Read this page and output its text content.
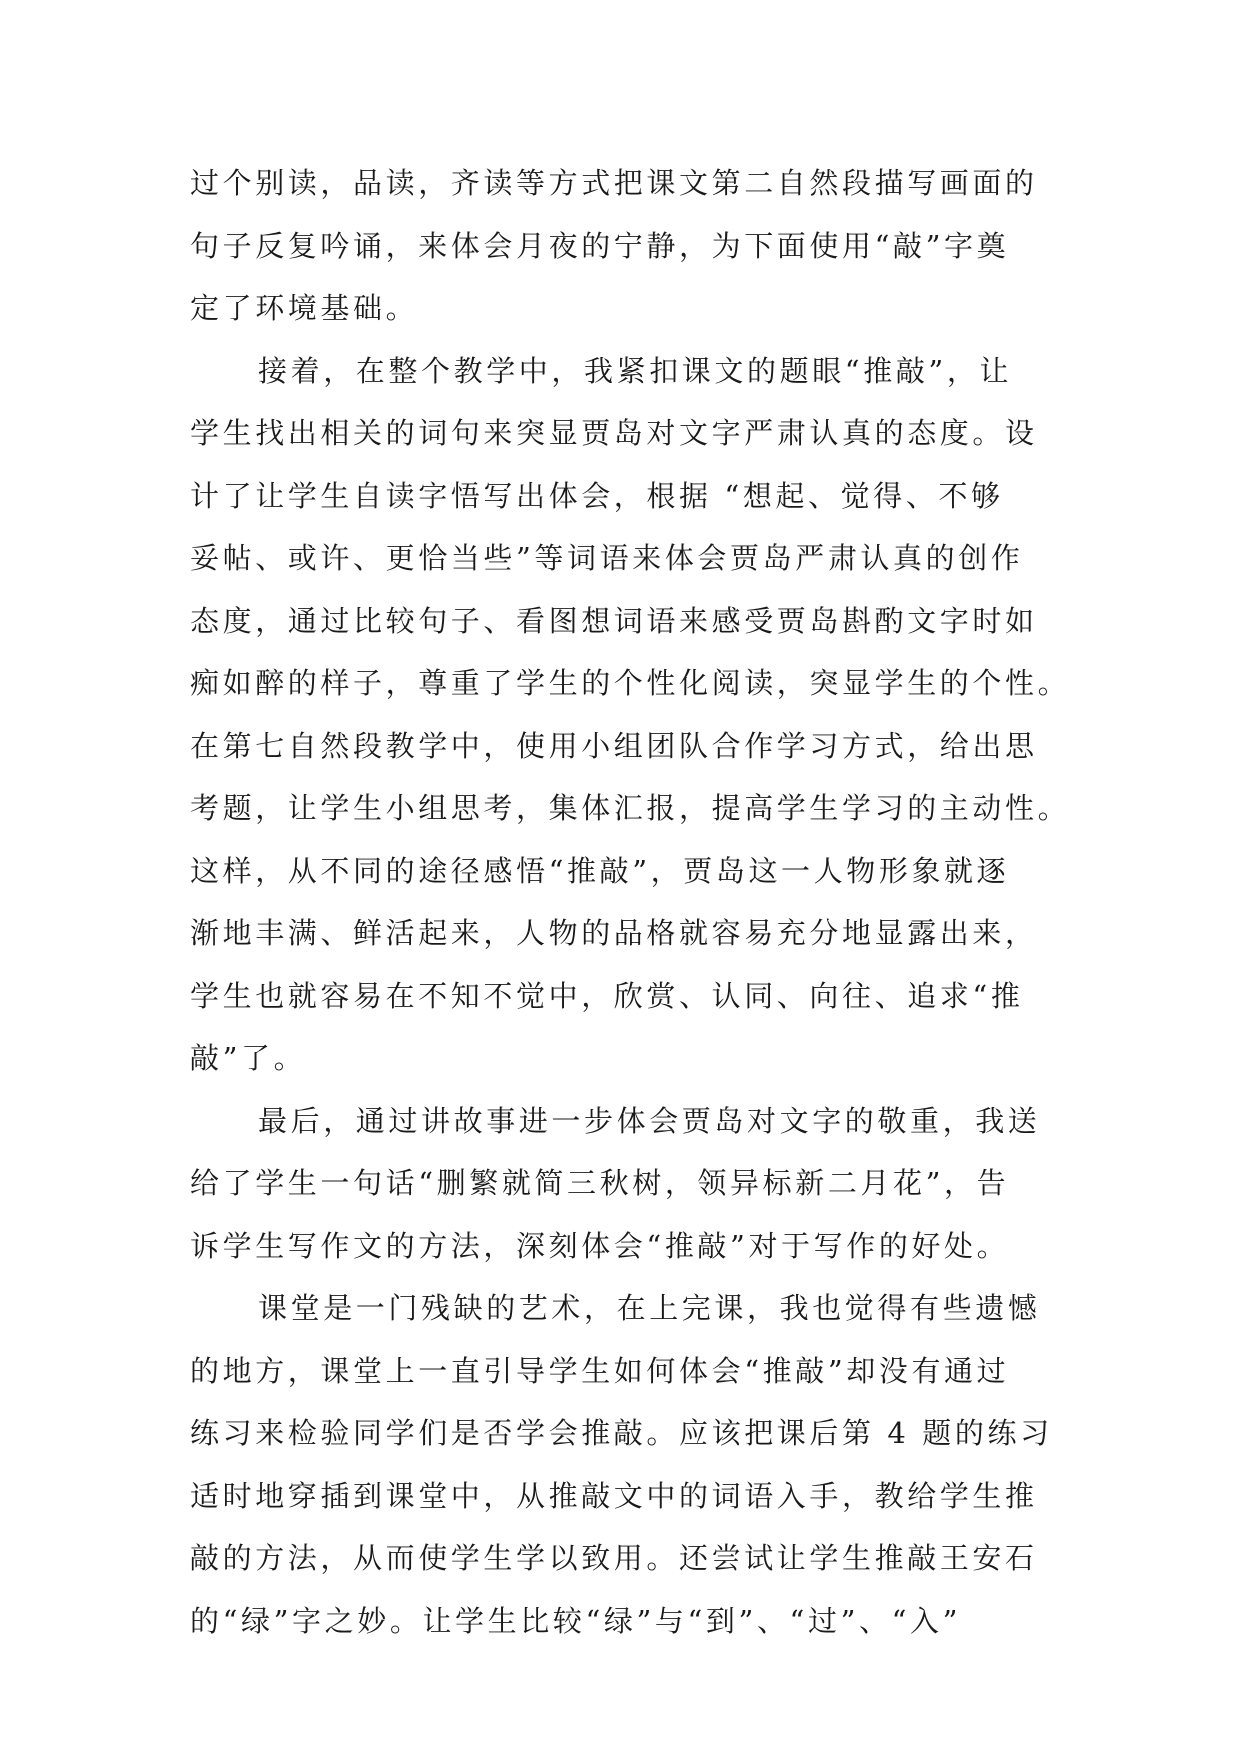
过个别读，品读，齐读等方式把课文第二自然段描写画面的
句子反复吟诵，来体会月夜的宁静，为下面使用“敲”字奠
定了环境基础。
接着，在整个教学中，我紧扣课文的题眼“推敲”，让
学生找出相关的词句来突显贾岛对文字严肃认真的态度。设
计了让学生自读字悟写出体会，根据 “想起、觉得、不够
妥帖、或许、更恰当些”等词语来体会贾岛严肃认真的创作
态度，通过比较句子、看图想词语来感受贾岛斟酌文字时如
痴如醉的样子，尊重了学生的个性化阅读，突显学生的个性。
在第七自然段教学中，使用小组团队合作学习方式，给出思
考题，让学生小组思考，集体汇报，提高学生学习的主动性。
这样，从不同的途径感悟“推敲”，贾岛这一人物形象就逐
渐地丰满、鲜活起来，人物的品格就容易充分地显露出来，
学生也就容易在不知不觉中，欣赏、认同、向往、追求“推
敲”了。
最后，通过讲故事进一步体会贾岛对文字的敬重，我送
给了学生一句话“删繁就简三秋树，领异标新二月花”，告
诉学生写作文的方法，深刻体会“推敲”对于写作的好处。
课堂是一门残缺的艺术，在上完课，我也觉得有些遗憾
的地方，课堂上一直引导学生如何体会“推敲”却没有通过
练习来检验同学们是否学会推敲。应该把课后第 4 题的练习
适时地穿插到课堂中，从推敲文中的词语入手，教给学生推
敲的方法，从而使学生学以致用。还尝试让学生推敲王安石
的“绿”字之妙。让学生比较“绿”与“到”、“过”、“入”
